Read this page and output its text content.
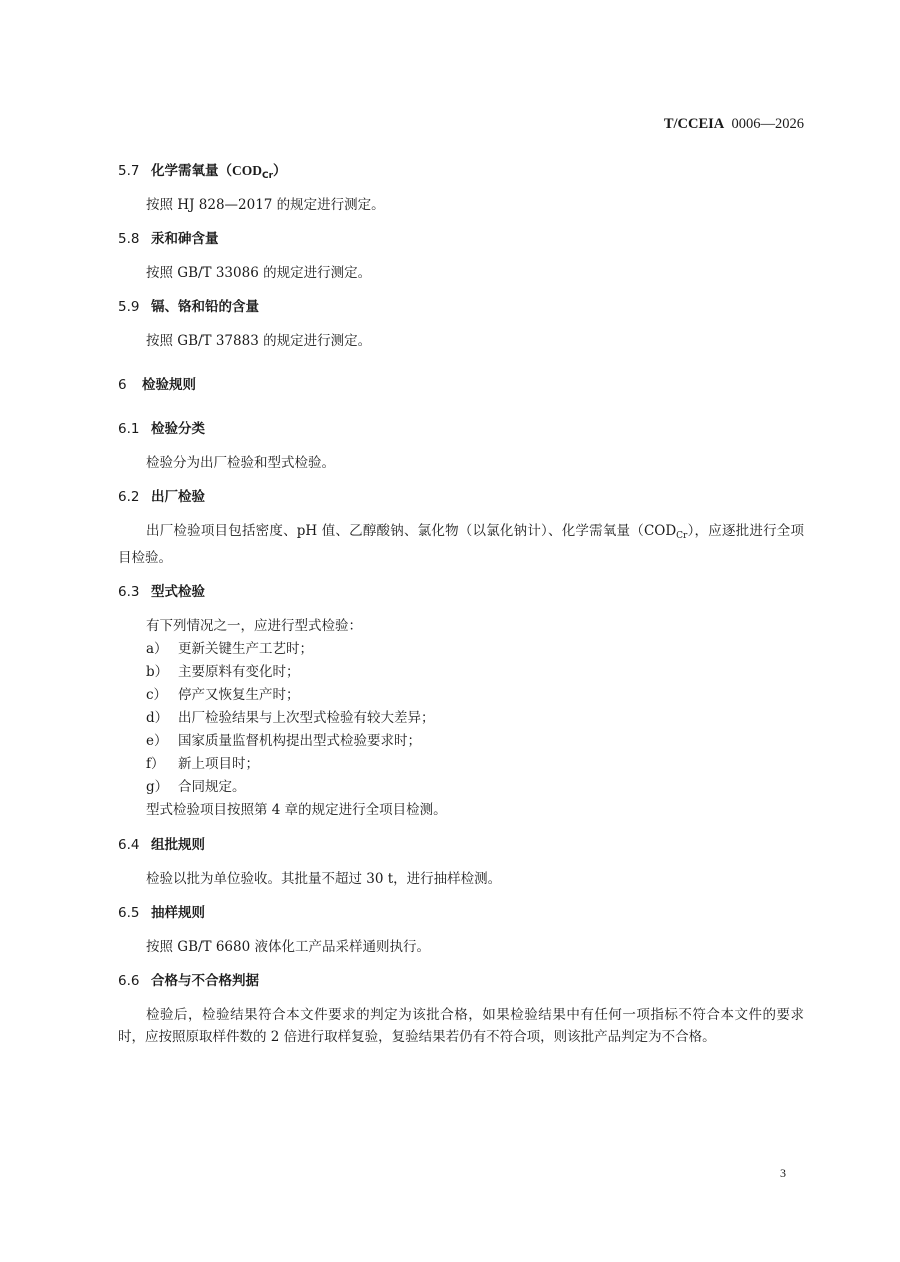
T/CCEIA 0006—2026
5.7 化学需氧量$(COD_{Cr})$

按照 HJ 828—2017 的规定进行测定。

5.8 汞和砷含量

按照 GB/T 33086 的规定进行测定。

5.9 镉、铬和铅的含量

按照 GB/T 37883 的规定进行测定。

6 检验规则
6.1 检验分类

检验分为出厂检验和型式检验。

6.2 出厂检验

出厂检验项目包括密度、pH 值、乙醇酸钠、氯化物（以氯化钠计）、化学需氧量$(COD_{Cr})$，应逐批进行全项目检验。

6.3 型式检验

有下列情况之一，应进行型式检验：

a） 更新关键生产工艺时；

b） 主要原料有变化时；

c） 停产又恢复生产时；

d） 出厂检验结果与上次型式检验有较大差异；

e） 国家质量监督机构提出型式检验要求时；

f） 新上项目时；

g） 合同规定。

型式检验项目按照第 4 章的规定进行全项目检测。

6.4 组批规则

检验以批为单位验收。其批量不超过 30 t，进行抽样检测。

6.5 抽样规则

按照 GB/T 6680 液体化工产品采样通则执行。

6.6 合格与不合格判据

检验后，检验结果符合本文件要求的判定为该批合格，如果检验结果中有任何一项指标不符合本文件的要求时，应按照原取样件数的 2 倍进行取样复验，复验结果若仍有不符合项，则该批产品判定为不合格。

3
